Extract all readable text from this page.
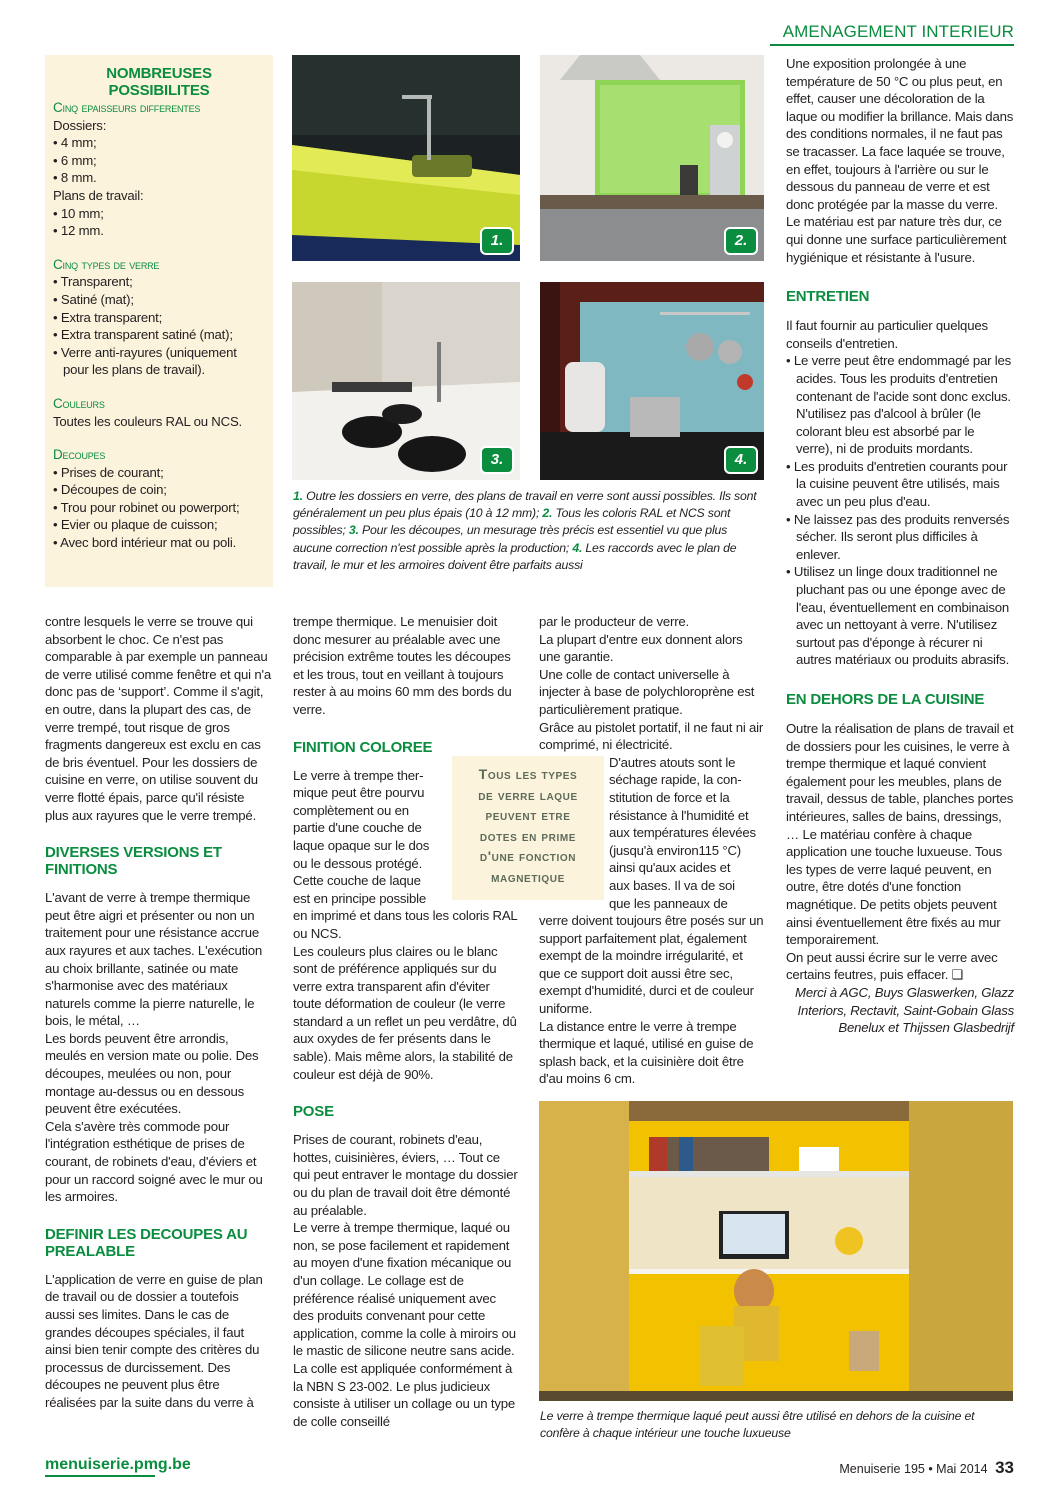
AMENAGEMENT INTERIEUR

NOMBREUSES POSSIBILITES

Cinq epaisseurs differentes

Dossiers:

• 4 mm;
• 6 mm;
• 8 mm.

Plans de travail:

• 10 mm;
• 12 mm.

Cinq types de verre

• Transparent;
• Satiné (mat);
• Extra transparent;
• Extra transparent satiné (mat);
• Verre anti-rayures (uniquement pour les plans de travail).

Couleurs

Toutes les couleurs RAL ou NCS.

Decoupes

• Prises de courant;
• Découpes de coin;
• Trou pour robinet ou powerport;
• Evier ou plaque de cuisson;
• Avec bord intérieur mat ou poli.
1.	2.
3.	4.
1. Outre les dossiers en verre, des plans de travail en verre sont aussi possibles. Ils sont généralement un peu plus épais (10 à 12 mm); 2. Tous les coloris RAL et NCS sont possibles; 3. Pour les découpes, un mesurage très précis est essentiel vu que plus aucune correction n'est possible après la production; 4. Les raccords avec le plan de travail, le mur et les armoires doivent être parfaits aussi

contre lesquels le verre se trouve qui absorbent le choc. Ce n'est pas comparable à par exemple un panneau de verre utilisé comme fenêtre et qui n'a donc pas de ‘support’. Comme il s'agit, en outre, dans la plupart des cas, de verre trempé, tout risque de gros fragments dangereux est exclu en cas de bris éventuel. Pour les dossiers de cuisine en verre, on utilise souvent du verre flotté épais, parce qu'il résiste plus aux rayures que le verre trempé.

DIVERSES VERSIONS ET FINITIONS

L'avant de verre à trempe thermique peut être aigri et présenter ou non un traitement pour une résistance accrue aux rayures et aux taches. L'exécution au choix brillante, satinée ou mate s'harmonise avec des matériaux naturels comme la pierre naturelle, le bois, le métal, …

Les bords peuvent être arrondis, meulés en version mate ou polie. Des découpes, meulées ou non, pour montage au-dessus ou en dessous peuvent être exécutées.

Cela s'avère très commode pour l'intégration esthétique de prises de courant, de robinets d'eau, d'éviers et pour un raccord soigné avec le mur ou les armoires.

DEFINIR LES DECOUPES AU PREALABLE

L'application de verre en guise de plan de travail ou de dossier a toutefois aussi ses limites. Dans le cas de grandes découpes spéciales, il faut ainsi bien tenir compte des critères du processus de durcissement. Des découpes ne peuvent plus être réalisées par la suite dans du verre à

trempe thermique. Le menuisier doit donc mesurer au préalable avec une précision extrême toutes les découpes et les trous, tout en veillant à toujours rester à au moins 60 mm des bords du verre.

FINITION COLOREE

Le verre à trempe ther-

mique peut être pourvu

complètement ou en

partie d'une couche de

laque opaque sur le dos

ou le dessous protégé.

Cette couche de laque

est en principe possible

en imprimé et dans tous les coloris RAL ou NCS.

Les couleurs plus claires ou le blanc sont de préférence appliqués sur du verre extra transparent afin d'éviter toute déformation de couleur (le verre standard a un reflet un peu verdâtre, dû aux oxydes de fer présents dans le sable). Mais même alors, la stabilité de couleur est déjà de 90%.

POSE

Prises de courant, robinets d'eau, hottes, cuisinières, éviers, … Tout ce qui peut entraver le montage du dossier ou du plan de travail doit être démonté au préalable.

Le verre à trempe thermique, laqué ou non, se pose facilement et rapidement au moyen d'une fixation mécanique ou d'un collage. Le collage est de préférence réalisé uniquement avec des produits convenant pour cette application, comme la colle à miroirs ou le mastic de silicone neutre sans acide. La colle est appliquée conformément à la NBN S 23-002. Le plus judicieux consiste à utiliser un collage ou un type de colle conseillé

Tous les types
de verre laque
peuvent etre
dotes en prime
d'une fonction
magnetique

par le producteur de verre.

La plupart d'entre eux donnent alors une garantie.

Une colle de contact universelle à injecter à base de polychloroprène est particulièrement pratique.

Grâce au pistolet portatif, il ne faut ni air comprimé, ni électricité.

D'autres atouts sont le

séchage rapide, la con-

stitution de force et la

résistance à l'humidité et

aux températures élevées

(jusqu'à environ115 °C)

ainsi qu'aux acides et

aux bases. Il va de soi

que les panneaux de

verre doivent toujours être posés sur un support parfaitement plat, également exempt de la moindre irrégularité, et que ce support doit aussi être sec, exempt d'humidité, durci et de couleur uniforme.

La distance entre le verre à trempe thermique et laqué, utilisé en guise de splash back, et la cuisinière doit être d'au moins 6 cm.

Une exposition prolongée à une température de 50 °C ou plus peut, en effet, causer une décoloration de la laque ou modifier la brillance. Mais dans des conditions normales, il ne faut pas se tracasser. La face laquée se trouve, en effet, toujours à l'arrière ou sur le dessous du panneau de verre et est donc protégée par la masse du verre. Le matériau est par nature très dur, ce qui donne une surface particulièrement hygiénique et résistante à l'usure.

ENTRETIEN

Il faut fournir au particulier quelques conseils d'entretien.

• Le verre peut être endommagé par les acides. Tous les produits d'entretien contenant de l'acide sont donc exclus. N'utilisez pas d'alcool à brûler (le colorant bleu est absorbé par le verre), ni de produits mordants.
• Les produits d'entretien courants pour la cuisine peuvent être utilisés, mais avec un peu plus d'eau.
• Ne laissez pas des produits renversés sécher. Ils seront plus difficiles à enlever.
• Utilisez un linge doux traditionnel ne pluchant pas ou une éponge avec de l'eau, éventuellement en combinaison avec un nettoyant à verre. N'utilisez surtout pas d'éponge à récurer ni autres matériaux ou produits abrasifs.

EN DEHORS DE LA CUISINE

Outre la réalisation de plans de travail et de dossiers pour les cuisines, le verre à trempe thermique et laqué convient également pour les meubles, plans de travail, dessus de table, planches portes intérieures, salles de bains, dressings, … Le matériau confère à chaque application une touche luxueuse. Tous les types de verre laqué peuvent, en outre, être dotés d'une fonction magnétique. De petits objets peuvent ainsi éventuellement être fixés au mur temporairement.

On peut aussi écrire sur le verre avec certains feutres, puis effacer. ❑

Merci à AGC, Buys Glaswerken, Glazz Interiors, Rectavit, Saint-Gobain Glass Benelux et Thijssen Glasbedrijf

Le verre à trempe thermique laqué peut aussi être utilisé en dehors de la cuisine et confère à chaque intérieur une touche luxueuse
menuiserie.pmg.be	Menuiserie 195 • Mai 2014 33
